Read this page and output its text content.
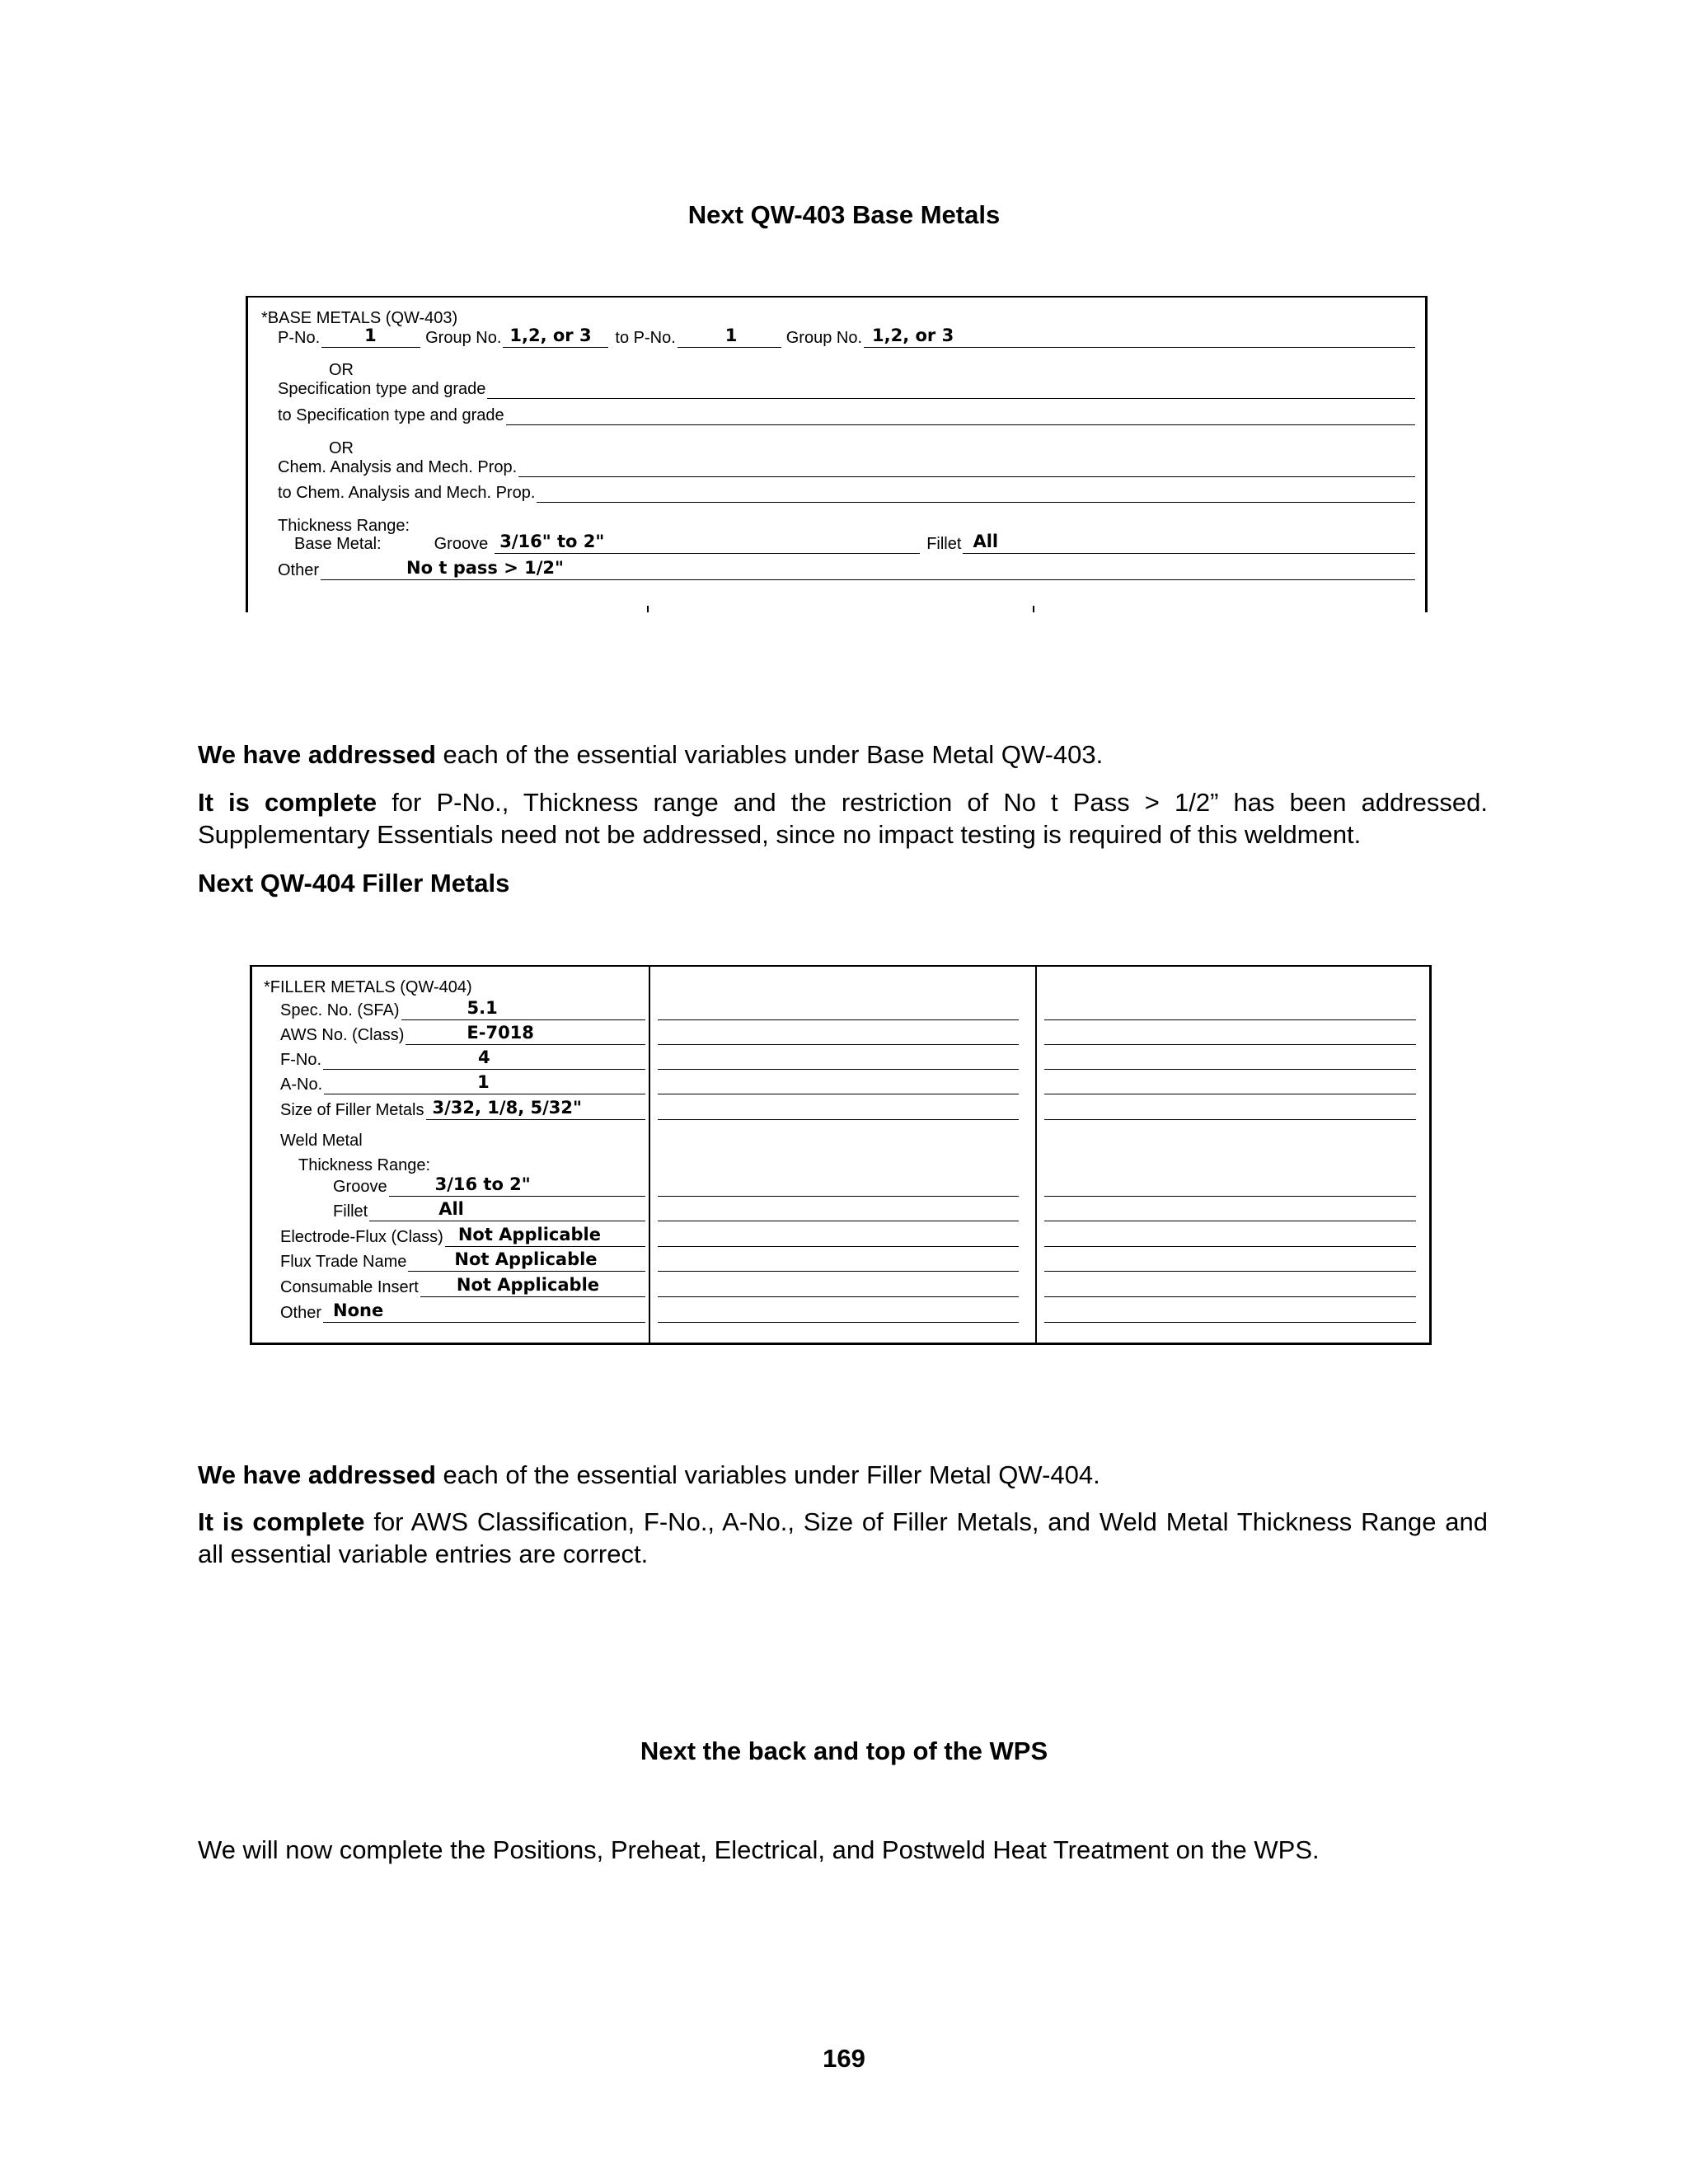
Next QW-403 Base Metals
*BASE METALS (QW-403)
P-No.	1	Group No. 1,2, or 3	to P-No.	1	Group No. 1,2, or 3
OR
Specification type and grade
to Specification type and grade
OR
Chem. Analysis and Mech. Prop.
to Chem. Analysis and Mech. Prop.
Thickness Range:
Base Metal:	Groove 3/16" to 2"	Fillet All
Other	No t pass > 1/2"
We have addressed each of the essential variables under Base Metal QW-403.
It is complete for P-No., Thickness range and the restriction of No t Pass > 1/2” has been addressed. Supplementary Essentials need not be addressed, since no impact testing is required of this weldment.
Next QW-404 Filler Metals
*FILLER METALS (QW-404)
Spec. No. (SFA)	5.1
AWS No. (Class)	E-7018
F-No.	4
A-No.	1
Size of Filler Metals 3/32, 1/8, 5/32"
Weld Metal
Thickness Range:
Groove	3/16 to 2"
Fillet	All
Electrode-Flux (Class) Not Applicable
Flux Trade Name	Not Applicable
Consumable Insert Not Applicable
Other None
We have addressed each of the essential variables under Filler Metal QW-404.
It is complete for AWS Classification, F-No., A-No., Size of Filler Metals, and Weld Metal Thickness Range and all essential variable entries are correct.
Next the back and top of the WPS
We will now complete the Positions, Preheat, Electrical, and Postweld Heat Treatment on the WPS.
169
